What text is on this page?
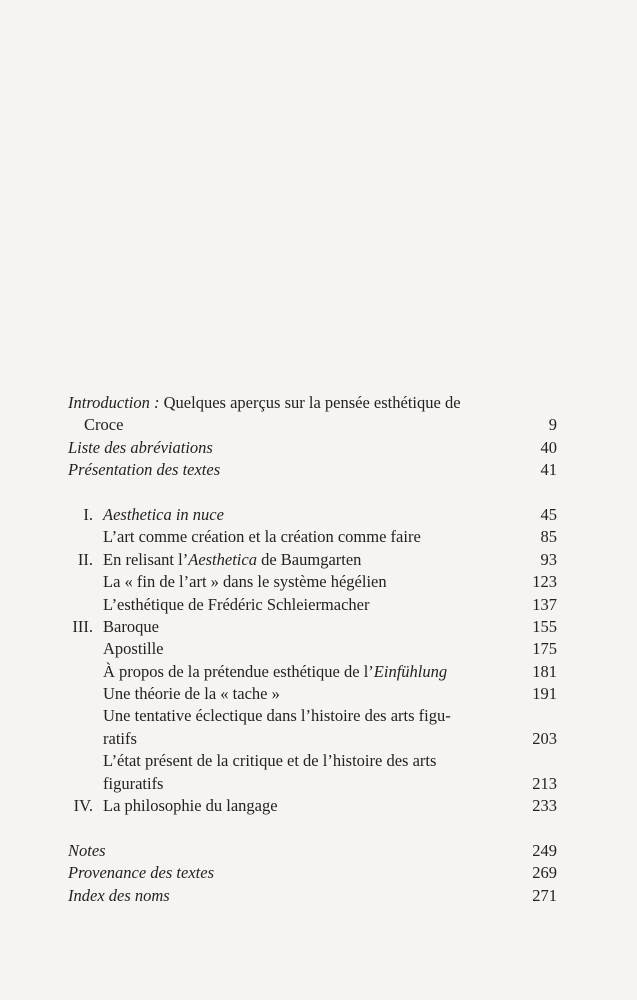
Introduction : Quelques aperçus sur la pensée esthétique de
Croce	9
Liste des abréviations	40
Présentation des textes	41
I. Aesthetica in nuce	45
L’art comme création et la création comme faire	85
II. En relisant l’Aesthetica de Baumgarten	93
La « fin de l’art » dans le système hégélien	123
L’esthétique de Frédéric Schleiermacher	137
III. Baroque	155
Apostille	175
À propos de la prétendue esthétique de l’Einfühlung	181
Une théorie de la « tache »	191
Une tentative éclectique dans l’histoire des arts figu-
ratifs	203
L’état présent de la critique et de l’histoire des arts
figuratifs	213
IV. La philosophie du langage	233
Notes	249
Provenance des textes	269
Index des noms	271
